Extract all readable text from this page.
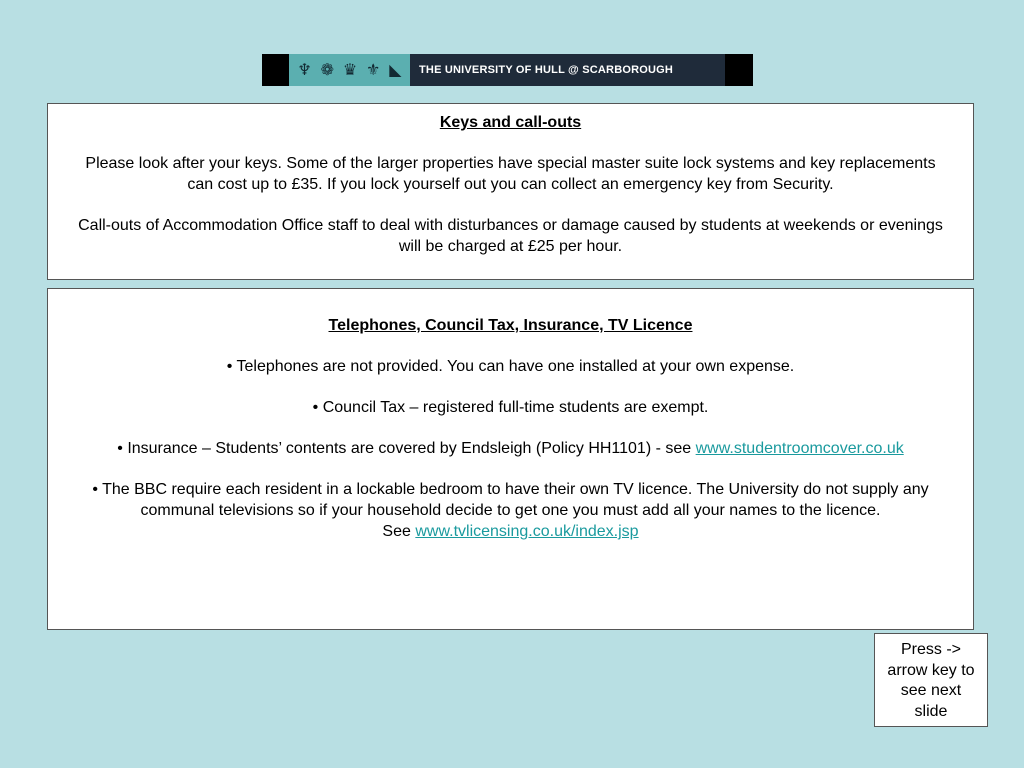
♆ ❁ ♛ ⚜ ◣	THE UNIVERSITY OF HULL @ SCARBOROUGH
Keys and call-outs

Please look after your keys. Some of the larger properties have special master suite lock systems and key replacements can cost up to £35. If you lock yourself out you can collect an emergency key from Security.

Call-outs of Accommodation Office staff to deal with disturbances or damage caused by students at weekends or evenings will be charged at £25 per hour.

Telephones, Council Tax, Insurance, TV Licence

• Telephones are not provided. You can have one installed at your own expense.

• Council Tax – registered full-time students are exempt.

• Insurance – Students’ contents are covered by Endsleigh (Policy HH1101) - see www.studentroomcover.co.uk

• The BBC require each resident in a lockable bedroom to have their own TV licence. The University do not supply any communal televisions so if your household decide to get one you must add all your names to the licence.
See www.tvlicensing.co.uk/index.jsp

Press -> arrow key to see next slide
